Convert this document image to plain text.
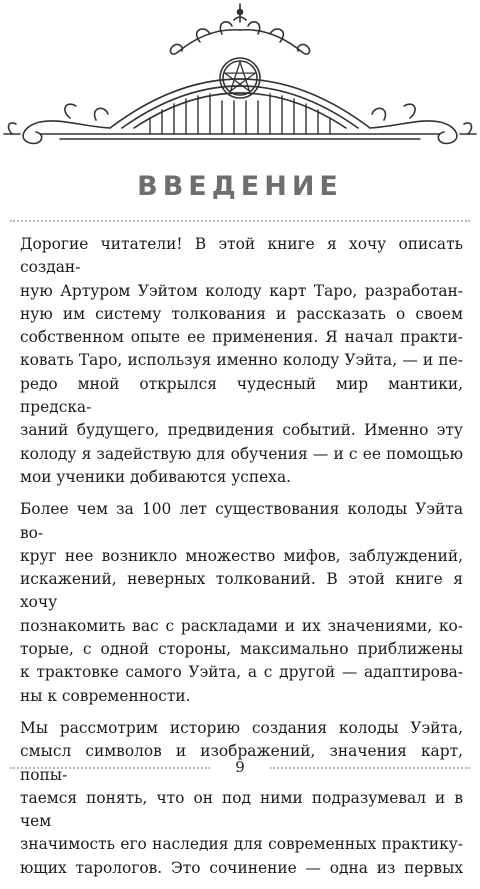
ВВЕДЕНИЕ

Дорогие читатели! В этой книге я хочу описать создан-
ную Артуром Уэйтом колоду карт Таро, разработан-
ную им систему толкования и рассказать о своем
собственном опыте ее применения. Я начал практи-
ковать Таро, используя именно колоду Уэйта, — и пе-
редо мной открылся чудесный мир мантики, предска-
заний будущего, предвидения событий. Именно эту
колоду я задействую для обучения — и с ее помощью
мои ученики добиваются успеха.

Более чем за 100 лет существования колоды Уэйта во-
круг нее возникло множество мифов, заблуждений,
искажений, неверных толкований. В этой книге я хочу
познакомить вас с раскладами и их значениями, ко-
торые, с одной стороны, максимально приближены
к трактовке самого Уэйта, а с другой — адаптирова-
ны к современности.

Мы рассмотрим историю создания колоды Уэйта,
смысл символов и изображений, значения карт, попы-
таемся понять, что он под ними подразумевал и в чем
значимость его наследия для современных практику-
ющих тарологов. Это сочинение — одна из первых

9
